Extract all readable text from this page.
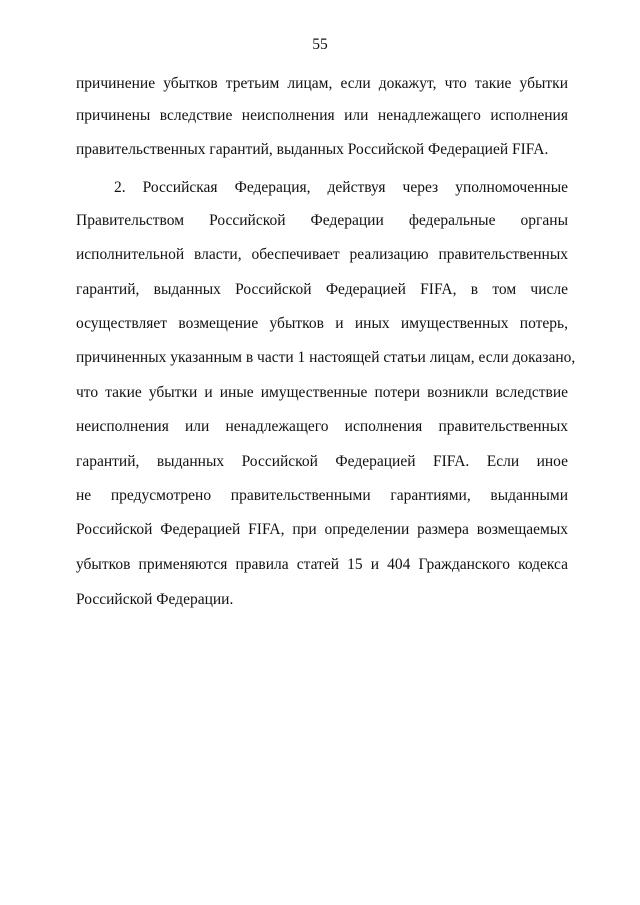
55
причинение убытков третьим лицам, если докажут, что такие убытки
причинены вследствие неисполнения или ненадлежащего исполнения
правительственных гарантий, выданных Российской Федерацией FIFA.
2. Российская Федерация, действуя через уполномоченные
Правительством Российской Федерации федеральные органы
исполнительной власти, обеспечивает реализацию правительственных
гарантий, выданных Российской Федерацией FIFA, в том числе
осуществляет возмещение убытков и иных имущественных потерь,
причиненных указанным в части 1 настоящей статьи лицам, если доказано,
что такие убытки и иные имущественные потери возникли вследствие
неисполнения или ненадлежащего исполнения правительственных
гарантий, выданных Российской Федерацией FIFA. Если иное
не предусмотрено правительственными гарантиями, выданными
Российской Федерацией FIFA, при определении размера возмещаемых
убытков применяются правила статей 15 и 404 Гражданского кодекса
Российской Федерации.
